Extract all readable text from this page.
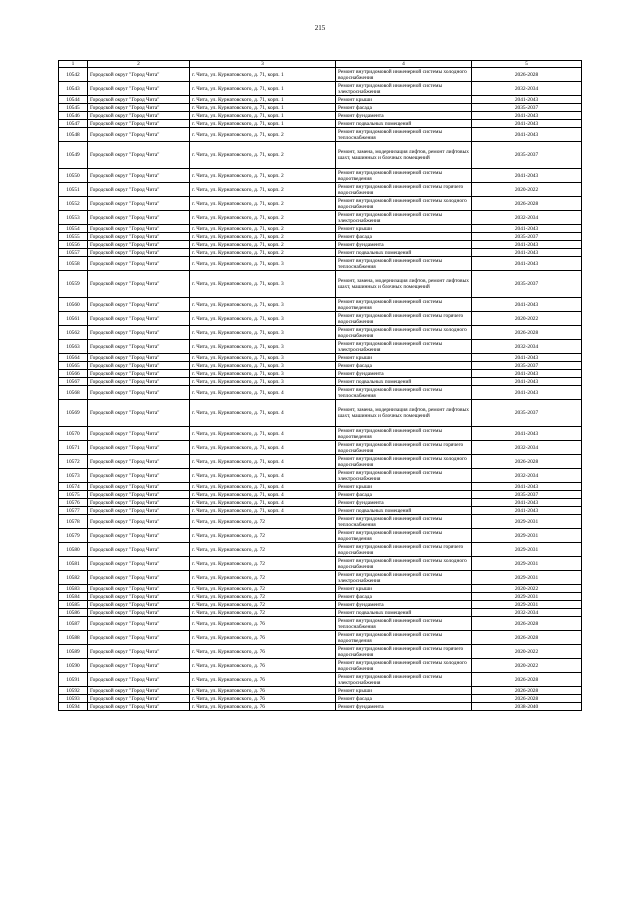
215
1	2	3	4	5
10542	Городской округ "Город Чита"	г. Чита, ул. Курнатовского, д. 71, корп. 1	Ремонт внутридомовой инженерной системы холодного водоснабжения	2026-2028
10543	Городской округ "Город Чита"	г. Чита, ул. Курнатовского, д. 71, корп. 1	Ремонт внутридомовой инженерной системы электроснабжения	2032-2034
10544	Городской округ "Город Чита"	г. Чита, ул. Курнатовского, д. 71, корп. 1	Ремонт крыши	2041-2043
10545	Городской округ "Город Чита"	г. Чита, ул. Курнатовского, д. 71, корп. 1	Ремонт фасада	2035-2037
10546	Городской округ "Город Чита"	г. Чита, ул. Курнатовского, д. 71, корп. 1	Ремонт фундамента	2041-2043
10547	Городской округ "Город Чита"	г. Чита, ул. Курнатовского, д. 71, корп. 1	Ремонт подвальных помещений	2041-2043
10548	Городской округ "Город Чита"	г. Чита, ул. Курнатовского, д. 71, корп. 2	Ремонт внутридомовой инженерной системы теплоснабжения	2041-2043
10549	Городской округ "Город Чита"	г. Чита, ул. Курнатовского, д. 71, корп. 2	Ремонт, замена, модернизация лифтов, ремонт лифтовых шахт, машинных и блочных помещений	2035-2037
10550	Городской округ "Город Чита"	г. Чита, ул. Курнатовского, д. 71, корп. 2	Ремонт внутридомовой инженерной системы водоотведения	2041-2043
10551	Городской округ "Город Чита"	г. Чита, ул. Курнатовского, д. 71, корп. 2	Ремонт внутридомовой инженерной системы горячего водоснабжения	2020-2022
10552	Городской округ "Город Чита"	г. Чита, ул. Курнатовского, д. 71, корп. 2	Ремонт внутридомовой инженерной системы холодного водоснабжения	2026-2028
10553	Городской округ "Город Чита"	г. Чита, ул. Курнатовского, д. 71, корп. 2	Ремонт внутридомовой инженерной системы электроснабжения	2032-2034
10554	Городской округ "Город Чита"	г. Чита, ул. Курнатовского, д. 71, корп. 2	Ремонт крыши	2041-2043
10555	Городской округ "Город Чита"	г. Чита, ул. Курнатовского, д. 71, корп. 2	Ремонт фасада	2035-2037
10556	Городской округ "Город Чита"	г. Чита, ул. Курнатовского, д. 71, корп. 2	Ремонт фундамента	2041-2043
10557	Городской округ "Город Чита"	г. Чита, ул. Курнатовского, д. 71, корп. 2	Ремонт подвальных помещений	2041-2043
10558	Городской округ "Город Чита"	г. Чита, ул. Курнатовского, д. 71, корп. 3	Ремонт внутридомовой инженерной системы теплоснабжения	2041-2043
10559	Городской округ "Город Чита"	г. Чита, ул. Курнатовского, д. 71, корп. 3	Ремонт, замена, модернизация лифтов, ремонт лифтовых шахт, машинных и блочных помещений	2035-2037
10560	Городской округ "Город Чита"	г. Чита, ул. Курнатовского, д. 71, корп. 3	Ремонт внутридомовой инженерной системы водоотведения	2041-2043
10561	Городской округ "Город Чита"	г. Чита, ул. Курнатовского, д. 71, корп. 3	Ремонт внутридомовой инженерной системы горячего водоснабжения	2020-2022
10562	Городской округ "Город Чита"	г. Чита, ул. Курнатовского, д. 71, корп. 3	Ремонт внутридомовой инженерной системы холодного водоснабжения	2026-2028
10563	Городской округ "Город Чита"	г. Чита, ул. Курнатовского, д. 71, корп. 3	Ремонт внутридомовой инженерной системы электроснабжения	2032-2034
10564	Городской округ "Город Чита"	г. Чита, ул. Курнатовского, д. 71, корп. 3	Ремонт крыши	2041-2043
10565	Городской округ "Город Чита"	г. Чита, ул. Курнатовского, д. 71, корп. 3	Ремонт фасада	2035-2037
10566	Городской округ "Город Чита"	г. Чита, ул. Курнатовского, д. 71, корп. 3	Ремонт фундамента	2041-2043
10567	Городской округ "Город Чита"	г. Чита, ул. Курнатовского, д. 71, корп. 3	Ремонт подвальных помещений	2041-2043
10568	Городской округ "Город Чита"	г. Чита, ул. Курнатовского, д. 71, корп. 4	Ремонт внутридомовой инженерной системы теплоснабжения	2041-2043
10569	Городской округ "Город Чита"	г. Чита, ул. Курнатовского, д. 71, корп. 4	Ремонт, замена, модернизация лифтов, ремонт лифтовых шахт, машинных и блочных помещений	2035-2037
10570	Городской округ "Город Чита"	г. Чита, ул. Курнатовского, д. 71, корп. 4	Ремонт внутридомовой инженерной системы водоотведения	2041-2043
10571	Городской округ "Город Чита"	г. Чита, ул. Курнатовского, д. 71, корп. 4	Ремонт внутридомовой инженерной системы горячего водоснабжения	2032-2034
10572	Городской округ "Город Чита"	г. Чита, ул. Курнатовского, д. 71, корп. 4	Ремонт внутридомовой инженерной системы холодного водоснабжения	2026-2028
10573	Городской округ "Город Чита"	г. Чита, ул. Курнатовского, д. 71, корп. 4	Ремонт внутридомовой инженерной системы электроснабжения	2032-2034
10574	Городской округ "Город Чита"	г. Чита, ул. Курнатовского, д. 71, корп. 4	Ремонт крыши	2041-2043
10575	Городской округ "Город Чита"	г. Чита, ул. Курнатовского, д. 71, корп. 4	Ремонт фасада	2035-2037
10576	Городской округ "Город Чита"	г. Чита, ул. Курнатовского, д. 71, корп. 4	Ремонт фундамента	2041-2043
10577	Городской округ "Город Чита"	г. Чита, ул. Курнатовского, д. 71, корп. 4	Ремонт подвальных помещений	2041-2043
10578	Городской округ "Город Чита"	г. Чита, ул. Курнатовского, д. 72	Ремонт внутридомовой инженерной системы теплоснабжения	2029-2031
10579	Городской округ "Город Чита"	г. Чита, ул. Курнатовского, д. 72	Ремонт внутридомовой инженерной системы водоотведения	2029-2031
10580	Городской округ "Город Чита"	г. Чита, ул. Курнатовского, д. 72	Ремонт внутридомовой инженерной системы горячего водоснабжения	2029-2031
10581	Городской округ "Город Чита"	г. Чита, ул. Курнатовского, д. 72	Ремонт внутридомовой инженерной системы холодного водоснабжения	2029-2031
10582	Городской округ "Город Чита"	г. Чита, ул. Курнатовского, д. 72	Ремонт внутридомовой инженерной системы электроснабжения	2029-2031
10583	Городской округ "Город Чита"	г. Чита, ул. Курнатовского, д. 72	Ремонт крыши	2020-2022
10584	Городской округ "Город Чита"	г. Чита, ул. Курнатовского, д. 72	Ремонт фасада	2029-2031
10585	Городской округ "Город Чита"	г. Чита, ул. Курнатовского, д. 72	Ремонт фундамента	2029-2031
10586	Городской округ "Город Чита"	г. Чита, ул. Курнатовского, д. 72	Ремонт подвальных помещений	2032-2034
10587	Городской округ "Город Чита"	г. Чита, ул. Курнатовского, д. 76	Ремонт внутридомовой инженерной системы теплоснабжения	2026-2028
10588	Городской округ "Город Чита"	г. Чита, ул. Курнатовского, д. 76	Ремонт внутридомовой инженерной системы водоотведения	2026-2028
10589	Городской округ "Город Чита"	г. Чита, ул. Курнатовского, д. 76	Ремонт внутридомовой инженерной системы горячего водоснабжения	2020-2022
10590	Городской округ "Город Чита"	г. Чита, ул. Курнатовского, д. 76	Ремонт внутридомовой инженерной системы холодного водоснабжения	2020-2022
10591	Городской округ "Город Чита"	г. Чита, ул. Курнатовского, д. 76	Ремонт внутридомовой инженерной системы электроснабжения	2026-2028
10592	Городской округ "Город Чита"	г. Чита, ул. Курнатовского, д. 76	Ремонт крыши	2026-2028
10593	Городской округ "Город Чита"	г. Чита, ул. Курнатовского, д. 76	Ремонт фасада	2026-2028
10594	Городской округ "Город Чита"	г. Чита, ул. Курнатовского, д. 76	Ремонт фундамента	2038-2040
